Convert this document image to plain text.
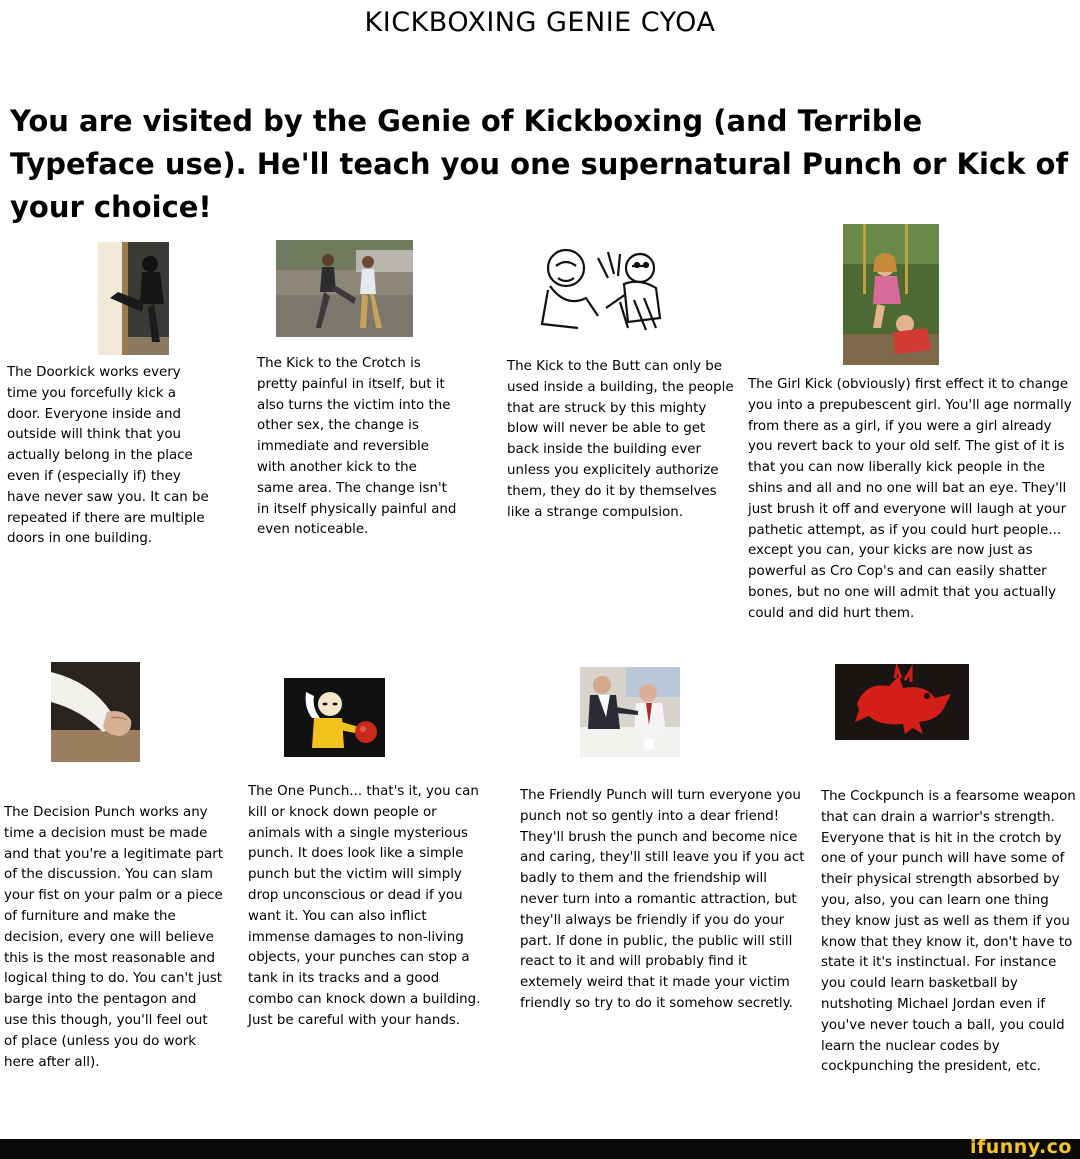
KICKBOXING GENIE CYOA
You are visited by the Genie of Kickboxing (and Terrible Typeface use). He'll teach you one supernatural Punch or Kick of your choice!

The Doorkick works every time you forcefully kick a door. Everyone inside and outside will think that you actually belong in the place even if (especially if) they have never saw you. It can be repeated if there are multiple doors in one building.

The Kick to the Crotch is pretty painful in itself, but it also turns the victim into the other sex, the change is immediate and reversible with another kick to the same area. The change isn't in itself physically painful and even noticeable.

The Kick to the Butt can only be used inside a building, the people that are struck by this mighty blow will never be able to get back inside the building ever unless you explicitely authorize them, they do it by themselves like a strange compulsion.

The Girl Kick (obviously) first effect it to change you into a prepubescent girl. You'll age normally from there as a girl, if you were a girl already you revert back to your old self. The gist of it is that you can now liberally kick people in the shins and all and no one will bat an eye. They'll just brush it off and everyone will laugh at your pathetic attempt, as if you could hurt people... except you can, your kicks are now just as powerful as Cro Cop's and can easily shatter bones, but no one will admit that you actually could and did hurt them.

The Decision Punch works any time a decision must be made and that you're a legitimate part of the discussion. You can slam your fist on your palm or a piece of furniture and make the decision, every one will believe this is the most reasonable and logical thing to do. You can't just barge into the pentagon and use this though, you'll feel out of place (unless you do work here after all).

The One Punch... that's it, you can kill or knock down people or animals with a single mysterious punch. It does look like a simple punch but the victim will simply drop unconscious or dead if you want it. You can also inflict immense damages to non-living objects, your punches can stop a tank in its tracks and a good combo can knock down a building. Just be careful with your hands.

The Friendly Punch will turn everyone you punch not so gently into a dear friend! They'll brush the punch and become nice and caring, they'll still leave you if you act badly to them and the friendship will never turn into a romantic attraction, but they'll always be friendly if you do your part. If done in public, the public will still react to it and will probably find it extemely weird that it made your victim friendly so try to do it somehow secretly.

The Cockpunch is a fearsome weapon that can drain a warrior's strength. Everyone that is hit in the crotch by one of your punch will have some of their physical strength absorbed by you, also, you can learn one thing they know just as well as them if you know that they know it, don't have to state it it's instinctual. For instance you could learn basketball by nutshoting Michael Jordan even if you've never touch a ball, you could learn the nuclear codes by cockpunching the president, etc.

ifunny.co
